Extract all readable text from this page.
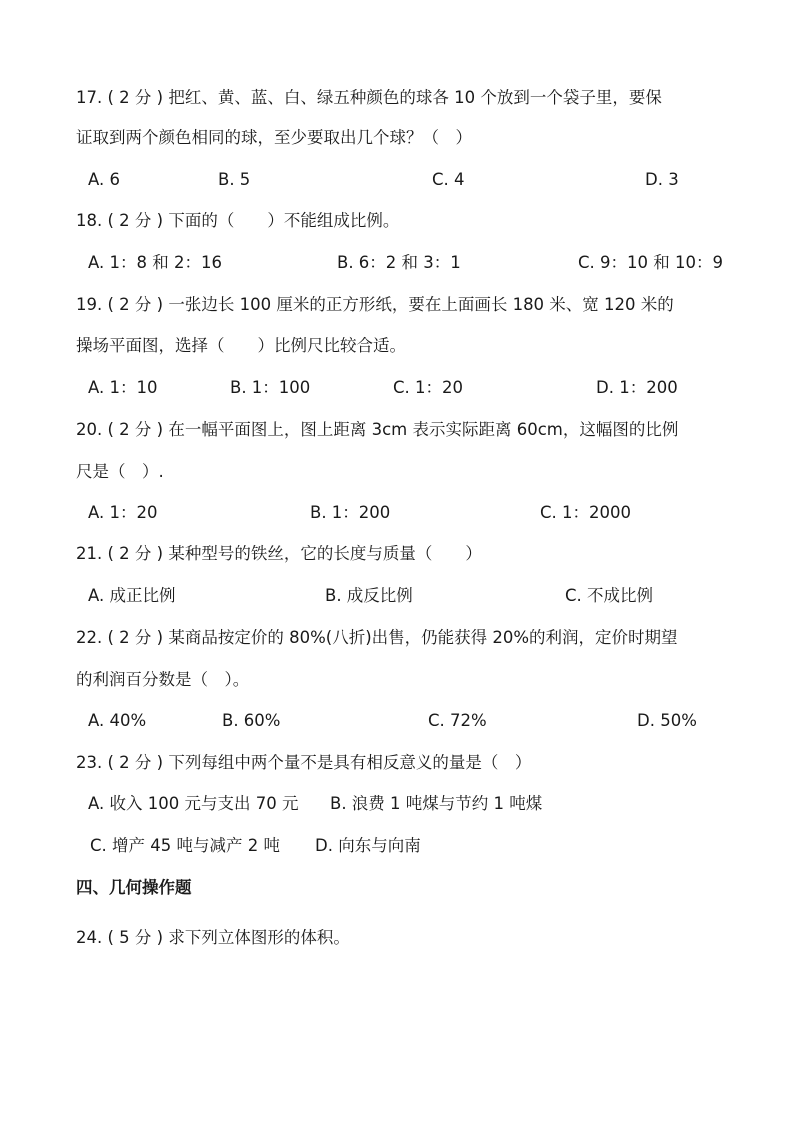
17. ( 2 分 ) 把红、黄、蓝、白、绿五种颜色的球各 10 个放到一个袋子里，要保
证取到两个颜色相同的球，至少要取出几个球？（　）
A. 6	B. 5	C. 4	D. 3
18. ( 2 分 ) 下面的（　　）不能组成比例。
A. 1：8 和 2：16	B. 6：2 和 3：1	C. 9：10 和 10：9
19. ( 2 分 ) 一张边长 100 厘米的正方形纸，要在上面画长 180 米、宽 120 米的
操场平面图，选择（　　）比例尺比较合适。
A. 1：10	B. 1：100	C. 1：20	D. 1：200
20. ( 2 分 ) 在一幅平面图上，图上距离 3cm 表示实际距离 60cm，这幅图的比例
尺是（　）.
A. 1：20	B. 1：200	C. 1：2000
21. ( 2 分 ) 某种型号的铁丝，它的长度与质量（　　）
A. 成正比例	B. 成反比例	C. 不成比例
22. ( 2 分 ) 某商品按定价的 80%(八折)出售，仍能获得 20%的利润，定价时期望
的利润百分数是（　）。
A. 40%	B. 60%	C. 72%	D. 50%
23. ( 2 分 ) 下列每组中两个量不是具有相反意义的量是（　）
A. 收入 100 元与支出 70 元 B. 浪费 1 吨煤与节约 1 吨煤
C. 增产 45 吨与减产 2 吨 D. 向东与向南
四、几何操作题
24. ( 5 分 ) 求下列立体图形的体积。
